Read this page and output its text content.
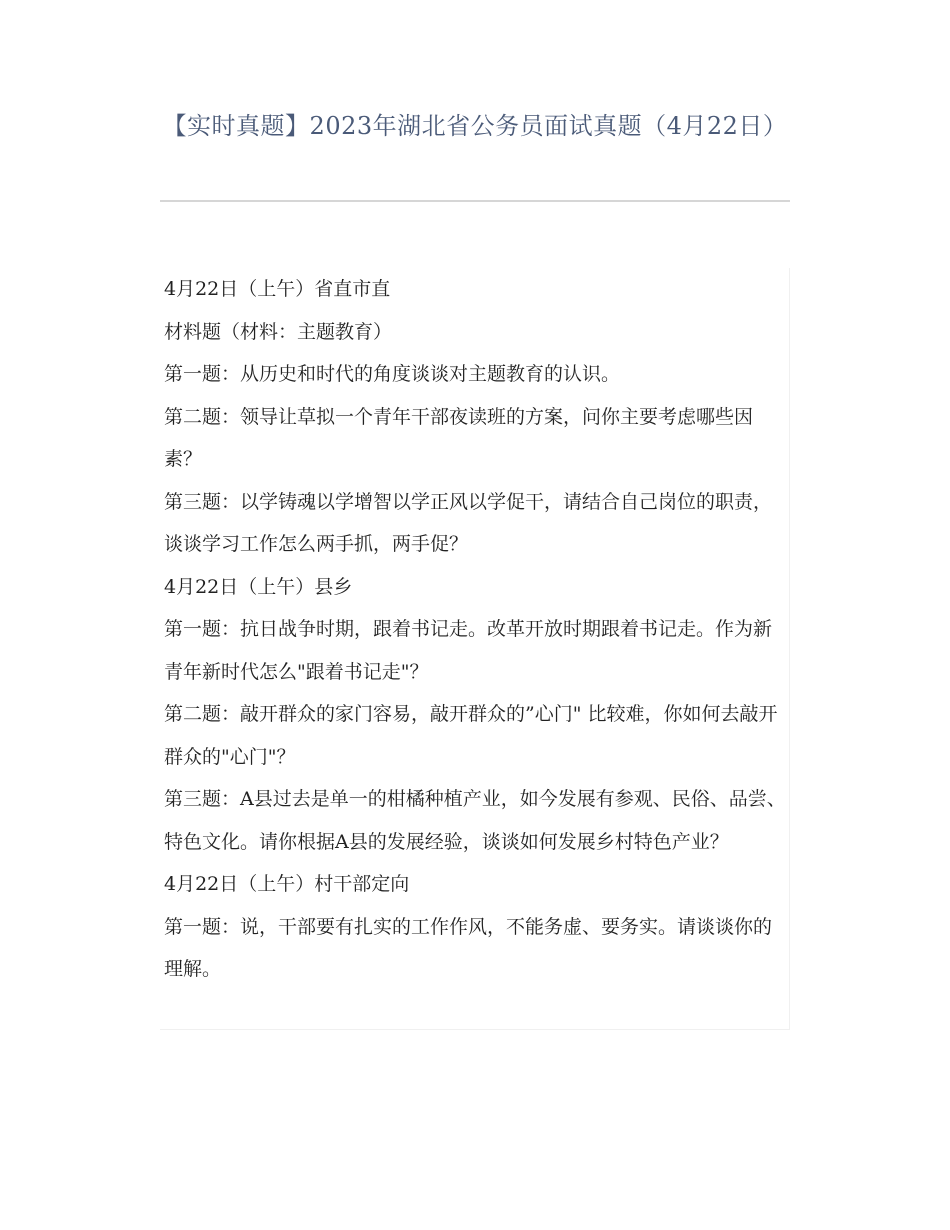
【实时真题】2023年湖北省公务员面试真题（4月22日）

4月22日（上午）省直市直

材料题（材料：主题教育）

第一题：从历史和时代的角度谈谈对主题教育的认识。

第二题：领导让草拟一个青年干部夜读班的方案，问你主要考虑哪些因素？

第三题：以学铸魂以学增智以学正风以学促干，请结合自己岗位的职责，谈谈学习工作怎么两手抓，两手促？

4月22日（上午）县乡

第一题：抗日战争时期，跟着书记走。改革开放时期跟着书记走。作为新青年新时代怎么"跟着书记走"？

第二题：敲开群众的家门容易，敲开群众的”心门" 比较难，你如何去敲开群众的"心门"？

第三题：A县过去是单一的柑橘种植产业，如今发展有参观、民俗、品尝、特色文化。请你根据A县的发展经验，谈谈如何发展乡村特色产业？

4月22日（上午）村干部定向

第一题：说，干部要有扎实的工作作风，不能务虚、要务实。请谈谈你的理解。
